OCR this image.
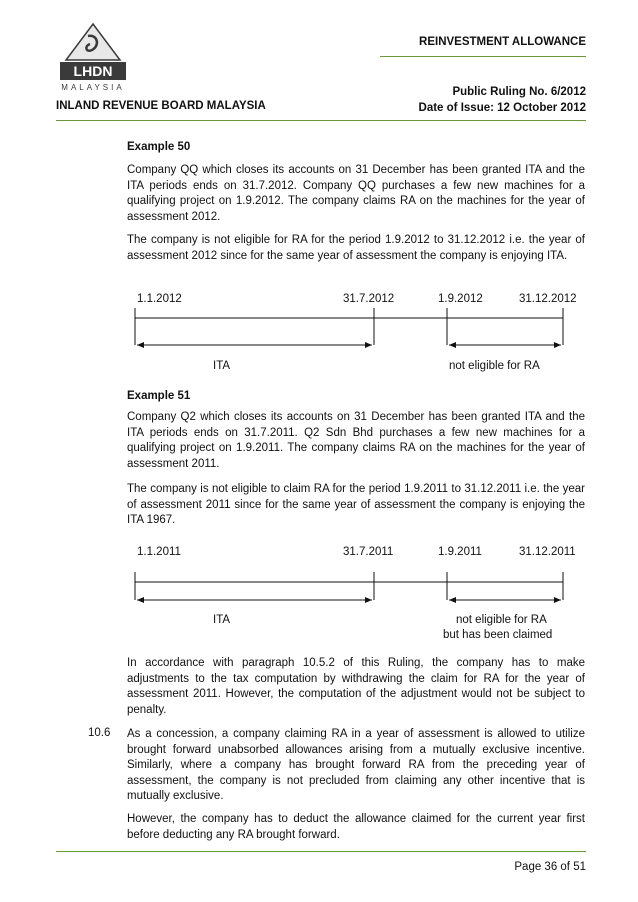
LHDN
MALAYSIA
REINVESTMENT ALLOWANCE
Public Ruling No. 6/2012
Date of Issue: 12 October 2012
INLAND REVENUE BOARD MALAYSIA
Example 50
Company QQ which closes its accounts on 31 December has been granted ITA and the ITA periods ends on 31.7.2012. Company QQ purchases a few new machines for a qualifying project on 1.9.2012. The company claims RA on the machines for the year of assessment 2012.
The company is not eligible for RA for the period 1.9.2012 to 31.12.2012 i.e. the year of assessment 2012 since for the same year of assessment the company is enjoying ITA.
1.1.2012	31.7.2012	1.9.2012	31.12.2012
ITA	not eligible for RA
Example 51
Company Q2 which closes its accounts on 31 December has been granted ITA and the ITA periods ends on 31.7.2011. Q2 Sdn Bhd purchases a few new machines for a qualifying project on 1.9.2011. The company claims RA on the machines for the year of assessment 2011.
The company is not eligible to claim RA for the period 1.9.2011 to 31.12.2011 i.e. the year of assessment 2011 since for the same year of assessment the company is enjoying the ITA 1967.
1.1.2011	31.7.2011	1.9.2011	31.12.2011
ITA	not eligible for RA
but has been claimed
In accordance with paragraph 10.5.2 of this Ruling, the company has to make adjustments to the tax computation by withdrawing the claim for RA for the year of assessment 2011. However, the computation of the adjustment would not be subject to penalty.
10.6 As a concession, a company claiming RA in a year of assessment is allowed to utilize brought forward unabsorbed allowances arising from a mutually exclusive incentive. Similarly, where a company has brought forward RA from the preceding year of assessment, the company is not precluded from claiming any other incentive that is mutually exclusive.
However, the company has to deduct the allowance claimed for the current year first before deducting any RA brought forward.
Page 36 of 51
